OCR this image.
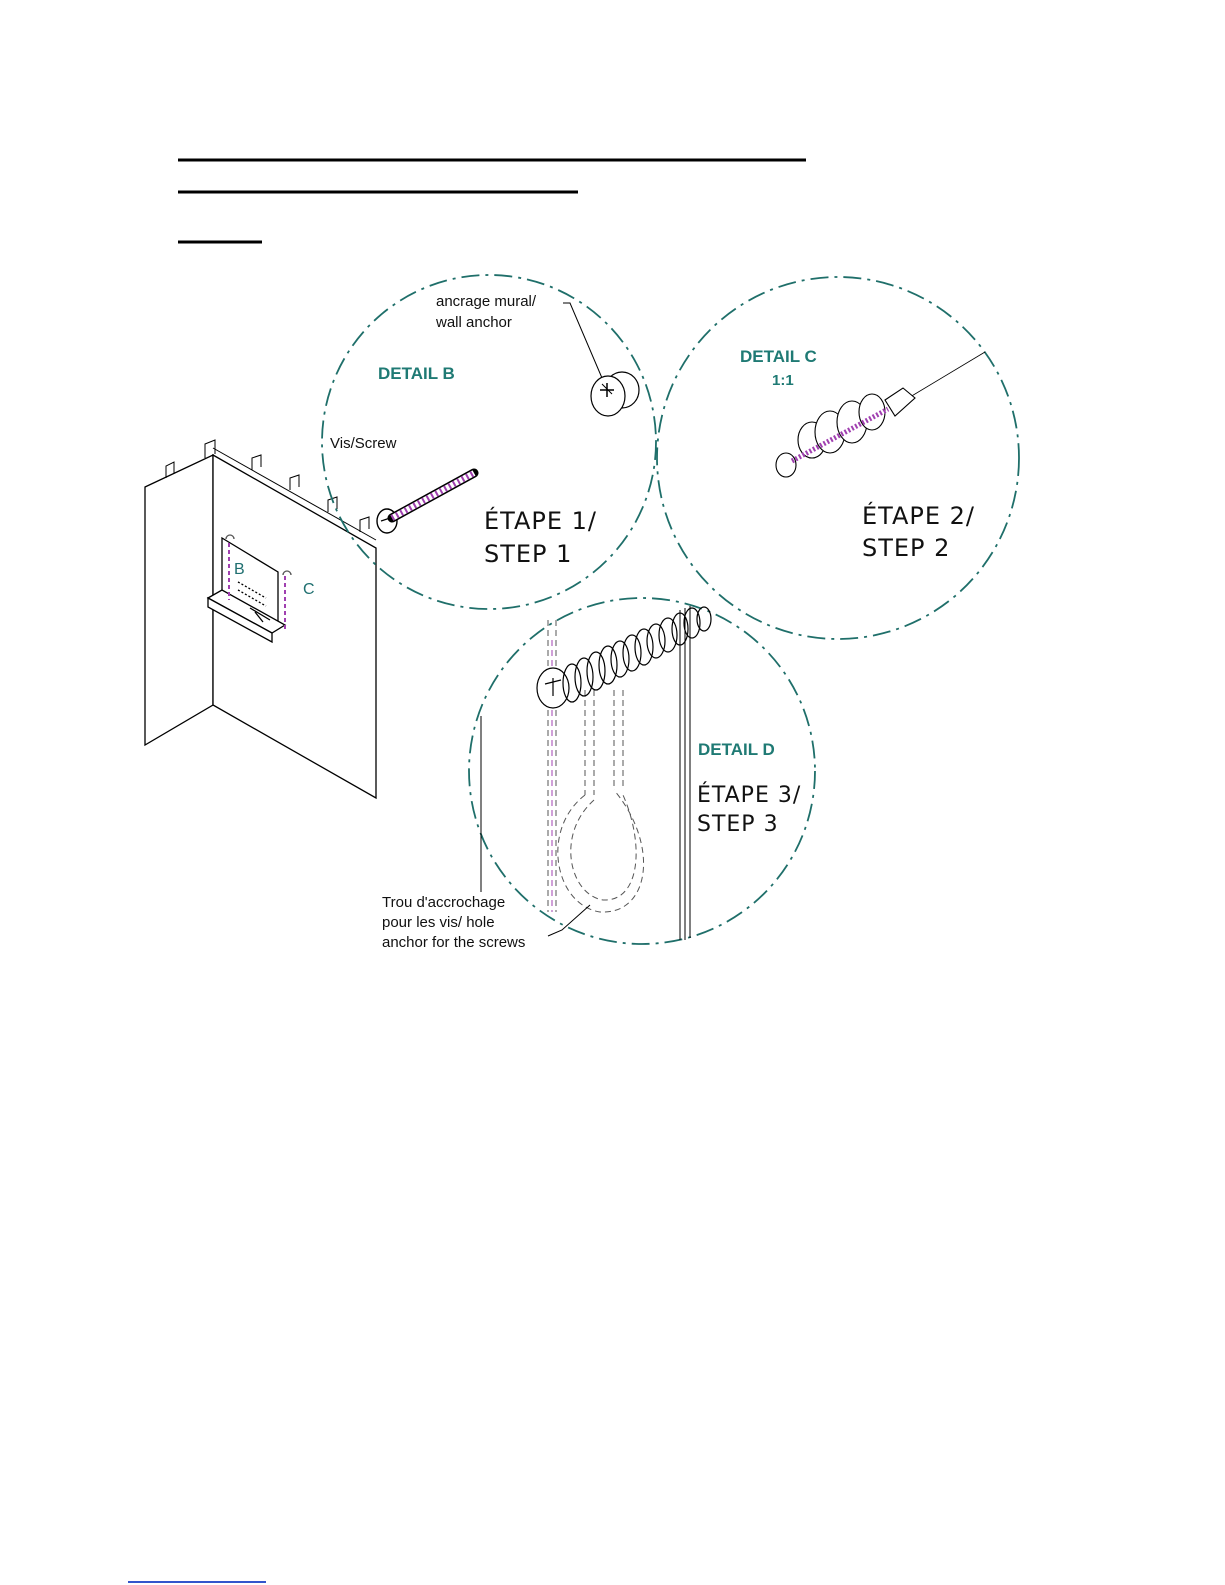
B
C
DETAIL B
ancrage mural/
wall anchor
Vis/Screw
ÉTAPE 1/
STEP 1
DETAIL C
1:1
ÉTAPE 2/
STEP 2
DETAIL D
ÉTAPE 3/
STEP 3
Trou d'accrochage
pour les vis/ hole
anchor for the screws
